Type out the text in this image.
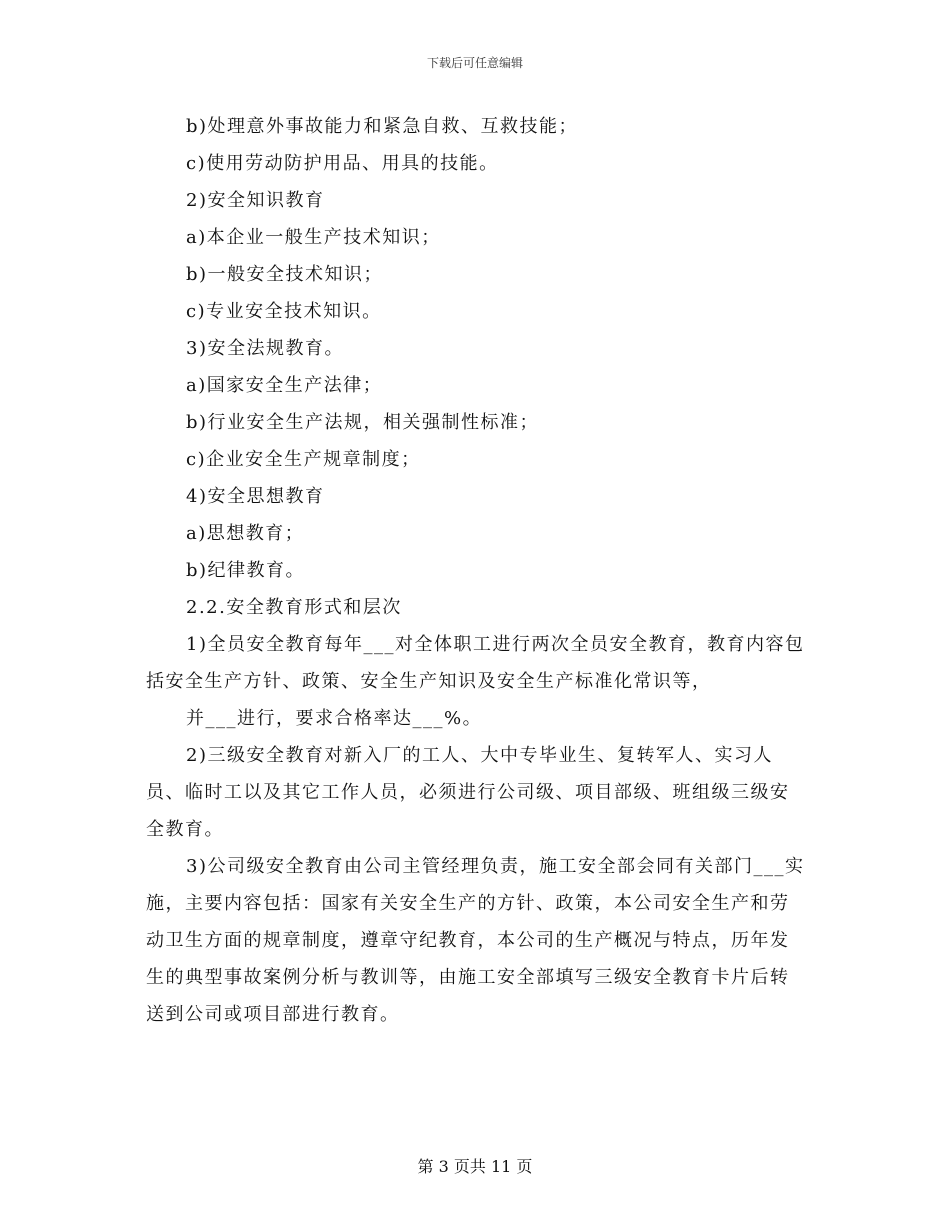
下载后可任意编辑
b)处理意外事故能力和紧急自救、互救技能；
c)使用劳动防护用品、用具的技能。
2)安全知识教育
a)本企业一般生产技术知识；
b)一般安全技术知识；
c)专业安全技术知识。
3)安全法规教育。
a)国家安全生产法律；
b)行业安全生产法规，相关强制性标准；
c)企业安全生产规章制度；
4)安全思想教育
a)思想教育；
b)纪律教育。
2.2.安全教育形式和层次

1)全员安全教育每年___对全体职工进行两次全员安全教育，教育内容包括安全生产方针、政策、安全生产知识及安全生产标准化常识等，

并___进行，要求合格率达___%。

2)三级安全教育对新入厂的工人、大中专毕业生、复转军人、实习人员、临时工以及其它工作人员，必须进行公司级、项目部级、班组级三级安全教育。

3)公司级安全教育由公司主管经理负责，施工安全部会同有关部门___实施，主要内容包括：国家有关安全生产的方针、政策，本公司安全生产和劳动卫生方面的规章制度，遵章守纪教育，本公司的生产概况与特点，历年发生的典型事故案例分析与教训等，由施工安全部填写三级安全教育卡片后转送到公司或项目部进行教育。

第 3 页共 11 页
